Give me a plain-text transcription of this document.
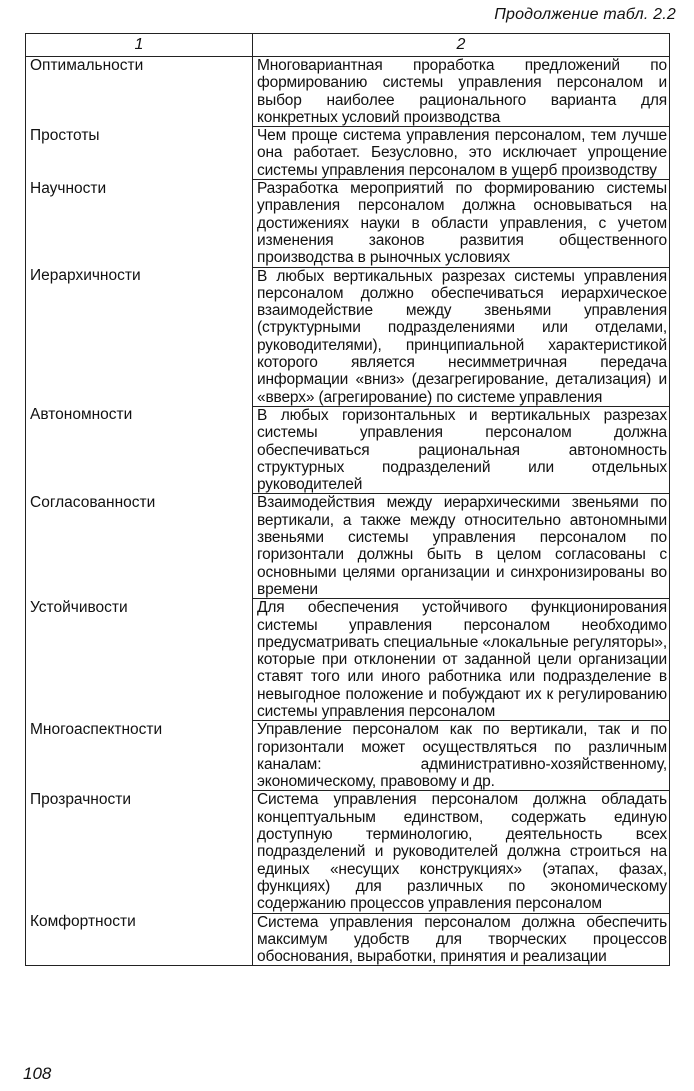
Продолжение табл. 2.2
1	2
Оптимальности	Многовариантная проработка предложений по формированию системы управления персоналом и выбор наиболее рационального варианта для конкретных условий производства
Простоты	Чем проще система управления персоналом, тем лучше она работает. Безусловно, это исключает упрощение системы управления персоналом в ущерб производству
Научности	Разработка мероприятий по формированию системы управления персоналом должна основываться на достижениях науки в области управления, с учетом изменения законов развития общественного производства в рыночных условиях
Иерархичности	В любых вертикальных разрезах системы управления персоналом должно обеспечиваться иерархическое взаимодействие между звеньями управления (структурными подразделениями или отделами, руководителями), принципиальной характеристикой которого является несимметричная передача информации «вниз» (дезагрегирование, детализация) и «вверх» (агрегирование) по системе управления
Автономности	В любых горизонтальных и вертикальных разрезах системы управления персоналом должна обеспечиваться рациональная автономность структурных подразделений или отдельных руководителей
Согласованности	Взаимодействия между иерархическими звеньями по вертикали, а также между относительно автономными звеньями системы управления персоналом по горизонтали должны быть в целом согласованы с основными целями организации и синхронизированы во времени
Устойчивости	Для обеспечения устойчивого функционирования системы управления персоналом необходимо предусматривать специальные «локальные регуляторы», которые при отклонении от заданной цели организации ставят того или иного работника или подразделение в невыгодное положение и побуждают их к регулированию системы управления персоналом
Многоаспектности	Управление персоналом как по вертикали, так и по горизонтали может осуществляться по различным каналам: административно-хозяйственному, экономическому, правовому и др.
Прозрачности	Система управления персоналом должна обладать концептуальным единством, содержать единую доступную терминологию, деятельность всех подразделений и руководителей должна строиться на единых «несущих конструкциях» (этапах, фазах, функциях) для различных по экономическому содержанию процессов управления персоналом
Комфортности	Система управления персоналом должна обеспечить максимум удобств для творческих процессов обоснования, выработки, принятия и реализации
108
